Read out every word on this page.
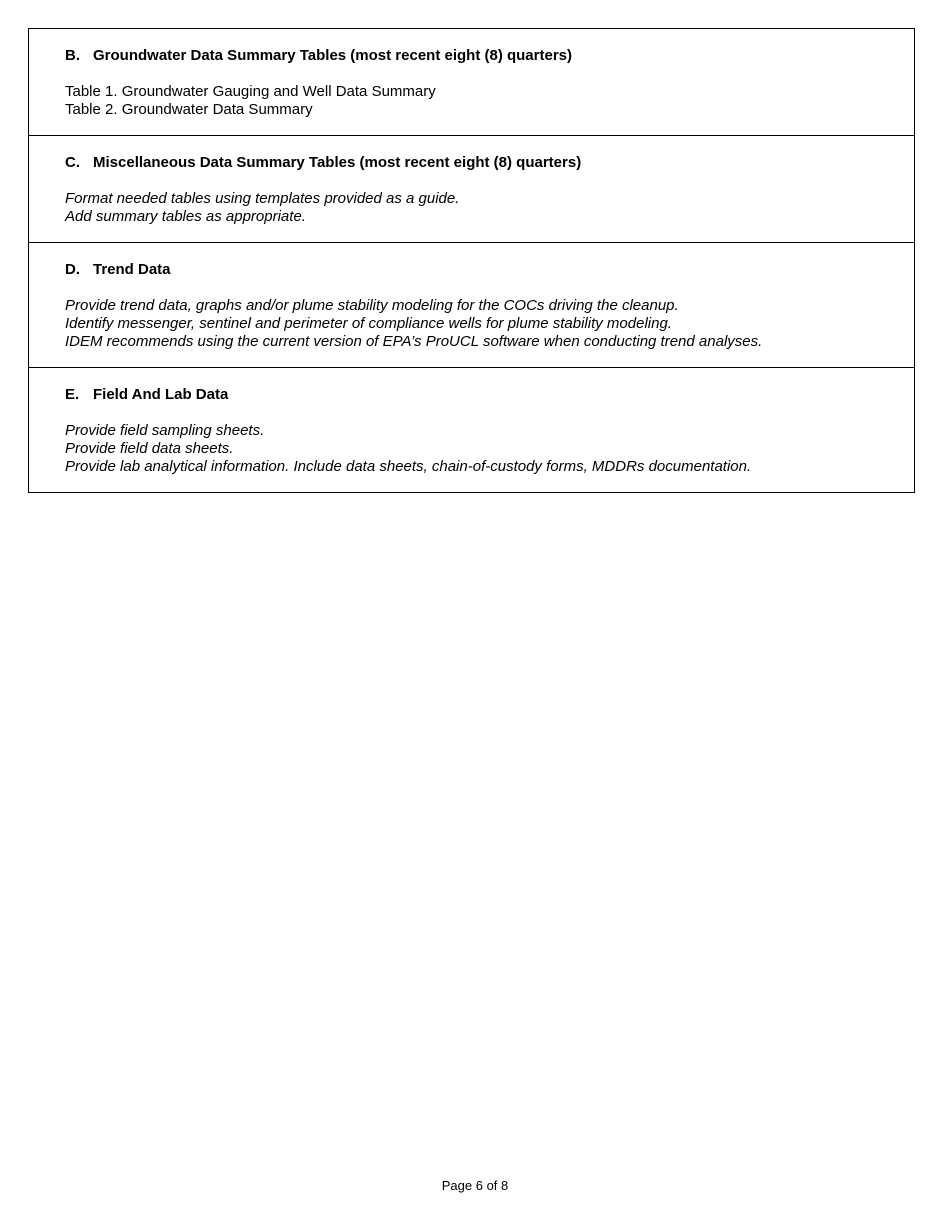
B. Groundwater Data Summary Tables (most recent eight (8) quarters)
Table 1. Groundwater Gauging and Well Data Summary
Table 2. Groundwater Data Summary
C. Miscellaneous Data Summary Tables (most recent eight (8) quarters)
Format needed tables using templates provided as a guide.
Add summary tables as appropriate.
D. Trend Data
Provide trend data, graphs and/or plume stability modeling for the COCs driving the cleanup.
Identify messenger, sentinel and perimeter of compliance wells for plume stability modeling.
IDEM recommends using the current version of EPA’s ProUCL software when conducting trend analyses.
E. Field And Lab Data
Provide field sampling sheets.
Provide field data sheets.
Provide lab analytical information. Include data sheets, chain-of-custody forms, MDDRs documentation.
Page 6 of 8
